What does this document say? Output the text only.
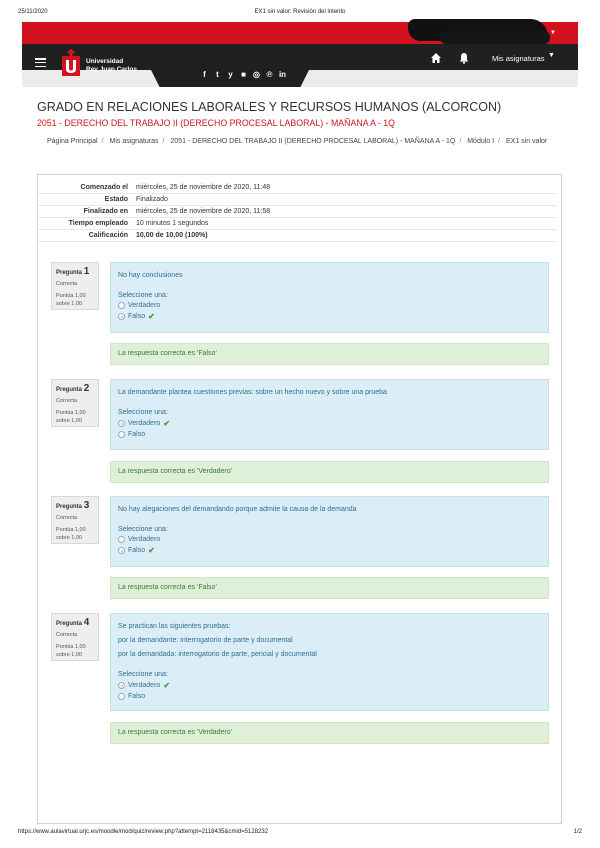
25/11/2020	EX1 sin valor: Revisión del intento
▼
Universidad
Rey Juan Carlos
f	t	y ■ ◎ ℗ in
Mis asignaturas ▼
GRADO EN RELACIONES LABORALES Y RECURSOS HUMANOS (ALCORCON)
2051 - DERECHO DEL TRABAJO II (DERECHO PROCESAL LABORAL) - MAÑANA A - 1Q
Página Principal / Mis asignaturas / 2051 - DERECHO DEL TRABAJO II (DERECHO PROCESAL LABORAL) - MAÑANA A - 1Q / Módulo I / EX1 sin valor
Comenzado el	miércoles, 25 de noviembre de 2020, 11:48
Estado	Finalizado
Finalizado en	miércoles, 25 de noviembre de 2020, 11:58
Tiempo empleado	10 minutos 1 segundos
Calificación	10,00 de 10,00 (100%)
Pregunta 1
Correcta
Puntúa 1,00 sobre 1,00
No hay conclusiones
Seleccione una:
Verdadero
Falso ✔
La respuesta correcta es 'Falso'
Pregunta 2
Correcta
Puntúa 1,00 sobre 1,00
La demandante plantea cuestiones previas: sobre un hecho nuevo y sobre una prueba
Seleccione una:
Verdadero ✔
Falso
La respuesta correcta es 'Verdadero'
Pregunta 3
Correcta
Puntúa 1,00 sobre 1,00
No hay alegaciones del demandando porque admite la causa de la demanda
Seleccione una:
Verdadero
Falso ✔
La respuesta correcta es 'Falso'
Pregunta 4
Correcta
Puntúa 1,00 sobre 1,00
Se practican las siguientes pruebas:
por la demandante: interrogatorio de parte y documental
por la demandada: interrogatorio de parte, pericial y documental
Seleccione una:
Verdadero ✔
Falso
La respuesta correcta es 'Verdadero'
https://www.aulavirtual.urjc.es/moodle/mod/quiz/review.php?attempt=2118435&cmid=5128232	1/2
